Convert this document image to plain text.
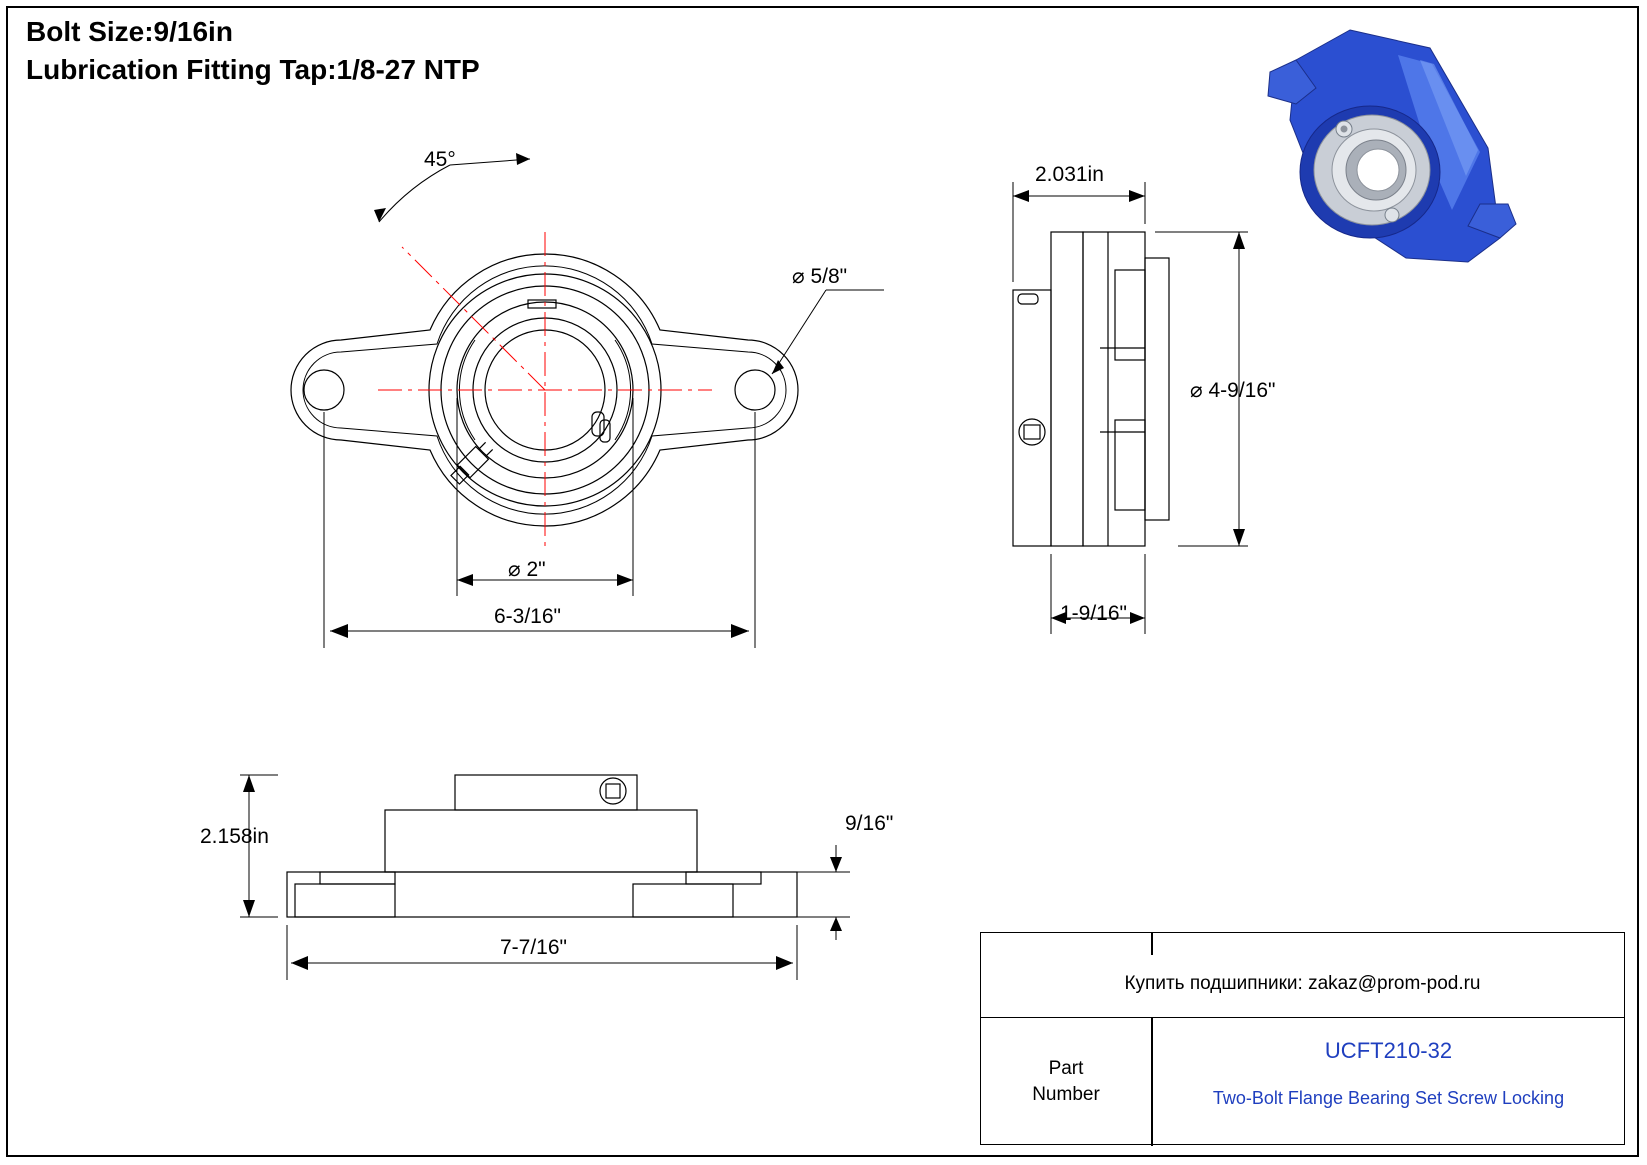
Bolt Size:9/16in
Lubrication Fitting Tap:1/8-27 NTP
45°
⌀ 5/8"
⌀ 2"
6-3/16"
2.031in
⌀ 4-9/16"
1-9/16"
2.158in
7-7/16"
9/16"
Купить подшипники: zakaz@prom-pod.ru
Part
Number
UCFT210-32
Two-Bolt Flange Bearing Set Screw Locking
